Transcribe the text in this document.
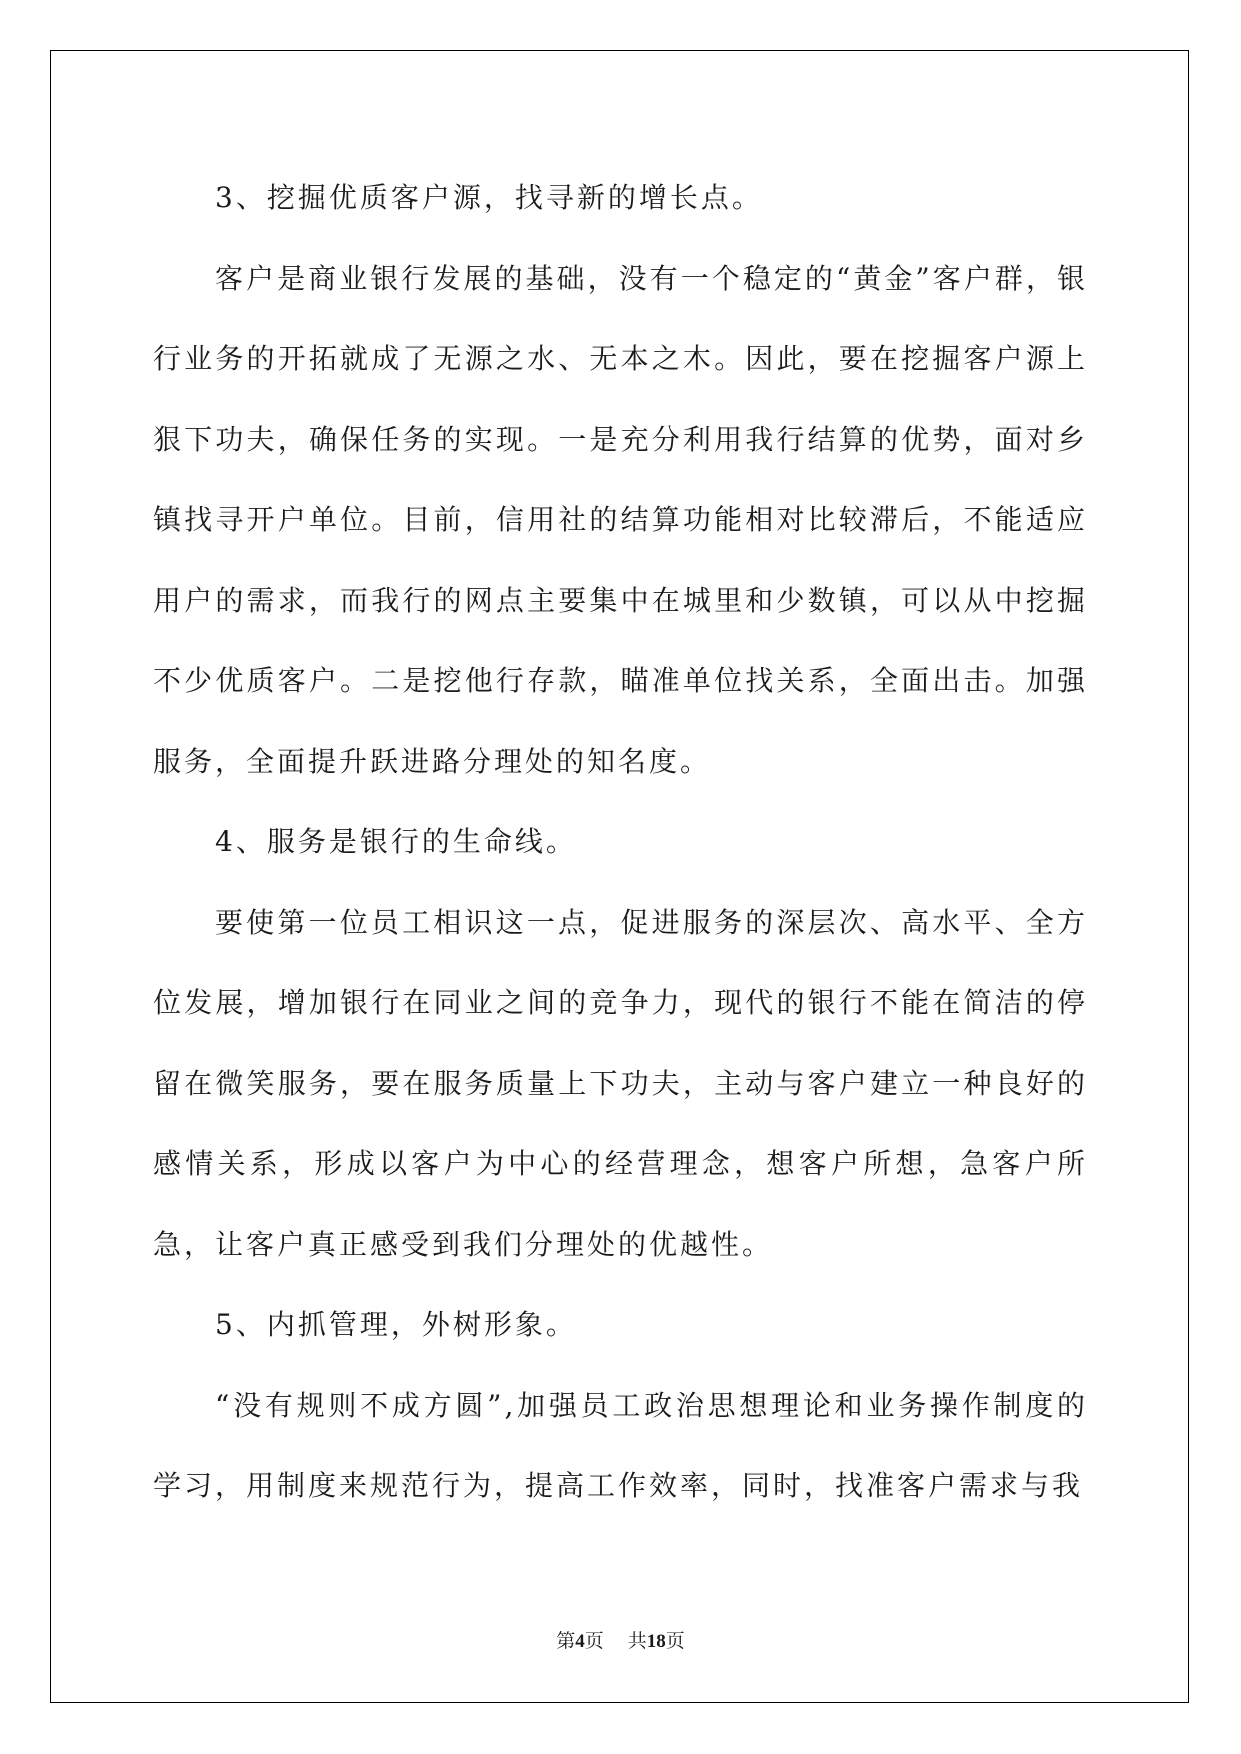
3、挖掘优质客户源，找寻新的增长点。

客户是商业银行发展的基础，没有一个稳定的“黄金”客户群，银行业务的开拓就成了无源之水、无本之木。因此，要在挖掘客户源上狠下功夫，确保任务的实现。一是充分利用我行结算的优势，面对乡镇找寻开户单位。目前，信用社的结算功能相对比较滞后，不能适应用户的需求，而我行的网点主要集中在城里和少数镇，可以从中挖掘不少优质客户。二是挖他行存款，瞄准单位找关系，全面出击。加强服务，全面提升跃进路分理处的知名度。

4、服务是银行的生命线。

要使第一位员工相识这一点，促进服务的深层次、高水平、全方位发展，增加银行在同业之间的竞争力，现代的银行不能在简洁的停留在微笑服务，要在服务质量上下功夫，主动与客户建立一种良好的感情关系，形成以客户为中心的经营理念，想客户所想，急客户所急，让客户真正感受到我们分理处的优越性。

5、内抓管理，外树形象。

“没有规则不成方圆”,加强员工政治思想理论和业务操作制度的学习，用制度来规范行为，提高工作效率，同时，找准客户需求与我

第4页 共18页
